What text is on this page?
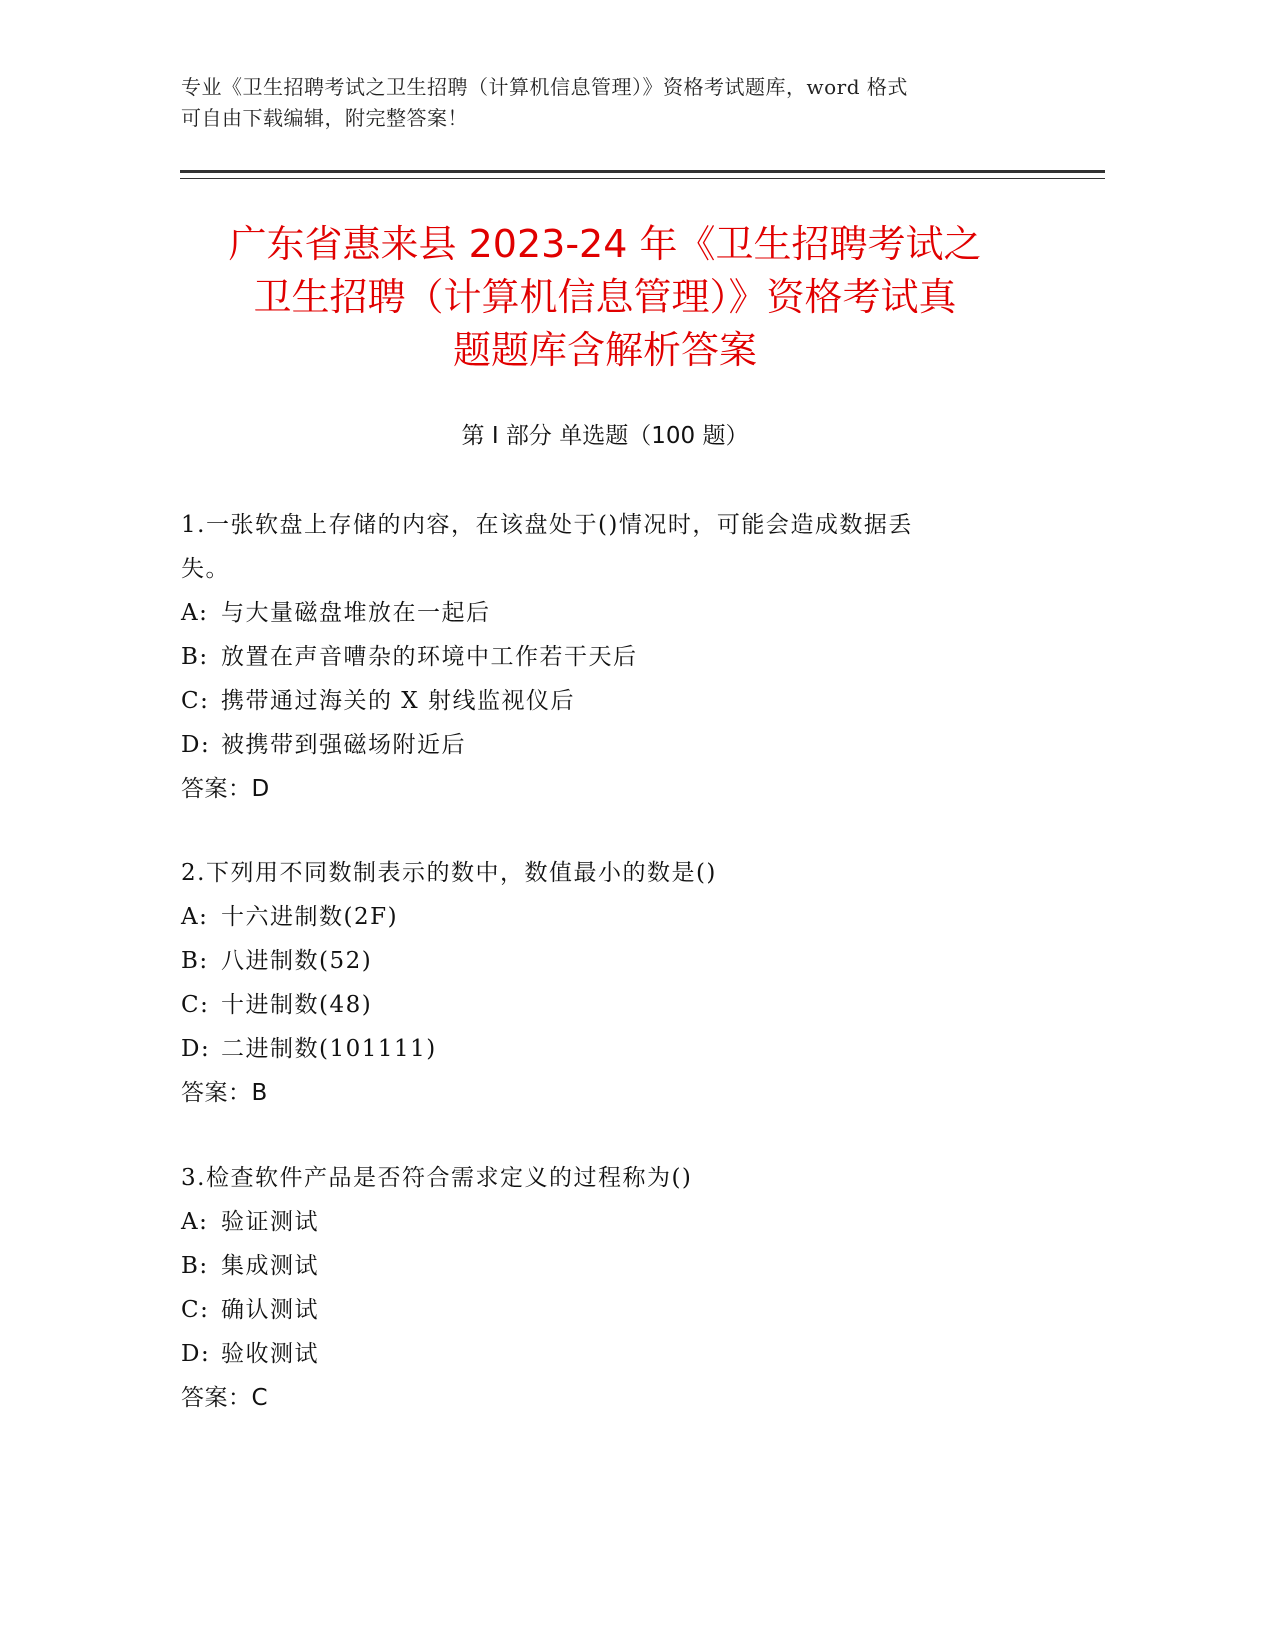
专业《卫生招聘考试之卫生招聘（计算机信息管理）》资格考试题库，word 格式
可自由下载编辑，附完整答案！
广东省惠来县 2023-24 年《卫生招聘考试之
卫生招聘（计算机信息管理）》资格考试真
题题库含解析答案
第 I 部分 单选题（100 题）
1.一张软盘上存储的内容，在该盘处于()情况时，可能会造成数据丢
失。
A: 与大量磁盘堆放在一起后
B: 放置在声音嘈杂的环境中工作若干天后
C: 携带通过海关的 X 射线监视仪后
D: 被携带到强磁场附近后
答案：D
2.下列用不同数制表示的数中，数值最小的数是()
A: 十六进制数(2F)
B: 八进制数(52)
C: 十进制数(48)
D: 二进制数(101111)
答案：B
3.检查软件产品是否符合需求定义的过程称为()
A: 验证测试
B: 集成测试
C: 确认测试
D: 验收测试
答案：C
